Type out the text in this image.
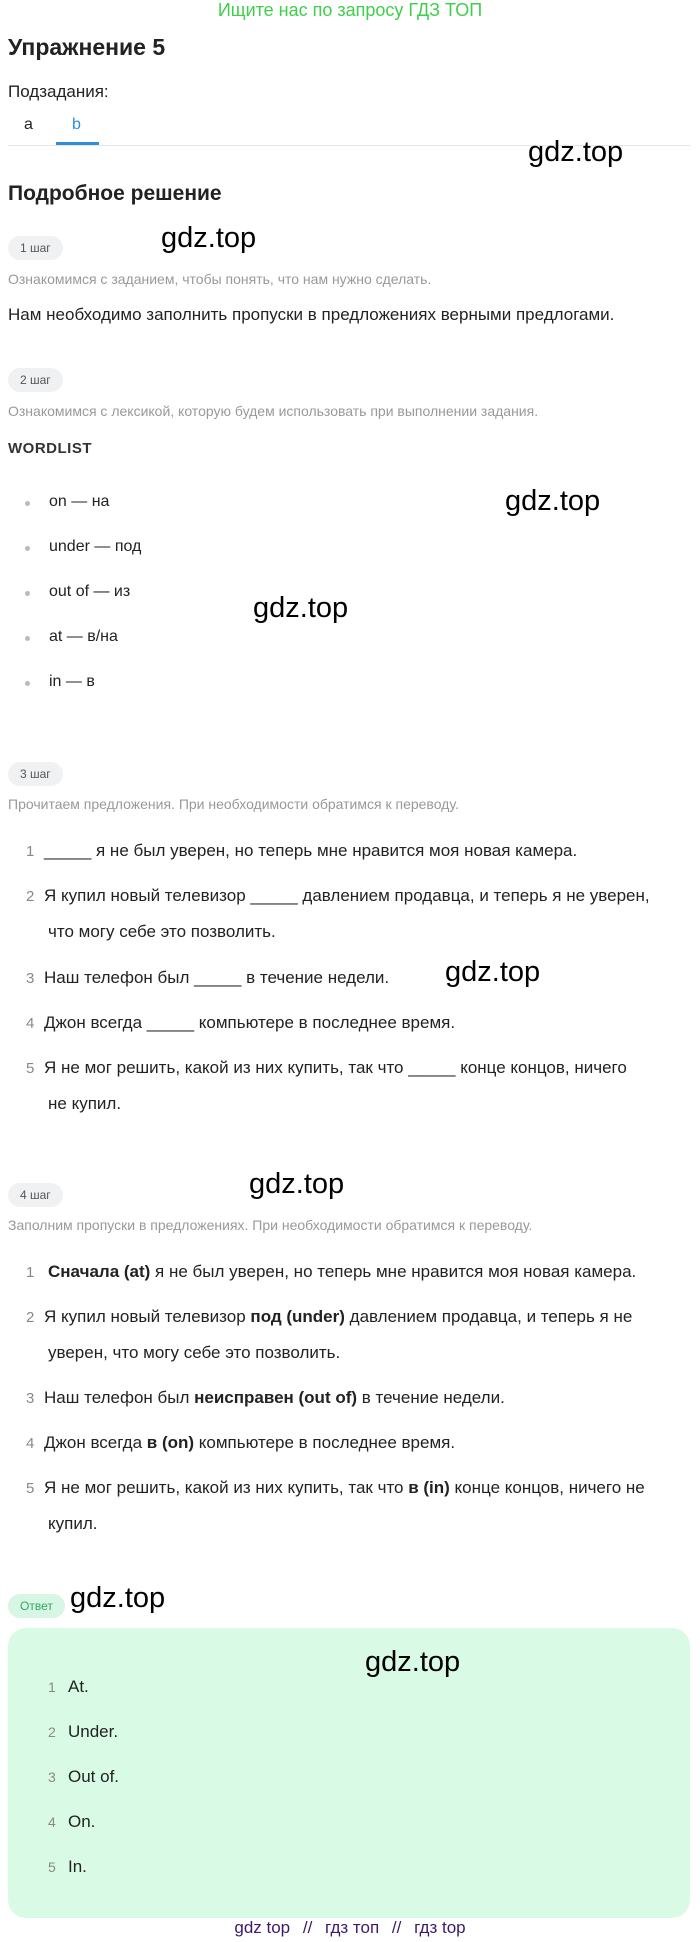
Ищите нас по запросу ГДЗ ТОП
Упражнение 5
Подзадания:
a b
gdz.top
Подробное решение
1 шаг	gdz.top
Ознакомимся с заданием, чтобы понять, что нам нужно сделать.
Нам необходимо заполнить пропуски в предложениях верными предлогами.
2 шаг
Ознакомимся с лексикой, которую будем использовать при выполнении задания.
WORDLIST
on — на
under — под
out of — из
at — в/на
in — в
gdz.top
gdz.top
3 шаг
Прочитаем предложения. При необходимости обратимся к переводу.
1 _____ я не был уверен, но теперь мне нравится моя новая камера.
2 Я купил новый телевизор _____ давлением продавца, и теперь я не уверен,
что могу себе это позволить.
3 Наш телефон был _____ в течение недели.
4 Джон всегда _____ компьютере в последнее время.
5 Я не мог решить, какой из них купить, так что _____ конце концов, ничего
не купил.
gdz.top
4 шаг	gdz.top
Заполним пропуски в предложениях. При необходимости обратимся к переводу.
1 Сначала (at) я не был уверен, но теперь мне нравится моя новая камера.
2 Я купил новый телевизор под (under) давлением продавца, и теперь я не
уверен, что могу себе это позволить.
3 Наш телефон был неисправен (out of) в течение недели.
4 Джон всегда в (on) компьютере в последнее время.
5 Я не мог решить, какой из них купить, так что в (in) конце концов, ничего не
купил.
Ответ gdz.top
gdz.top
1 At.
2 Under.
3 Out of.
4 On.
5 In.
gdz top // гдз топ // гдз top
